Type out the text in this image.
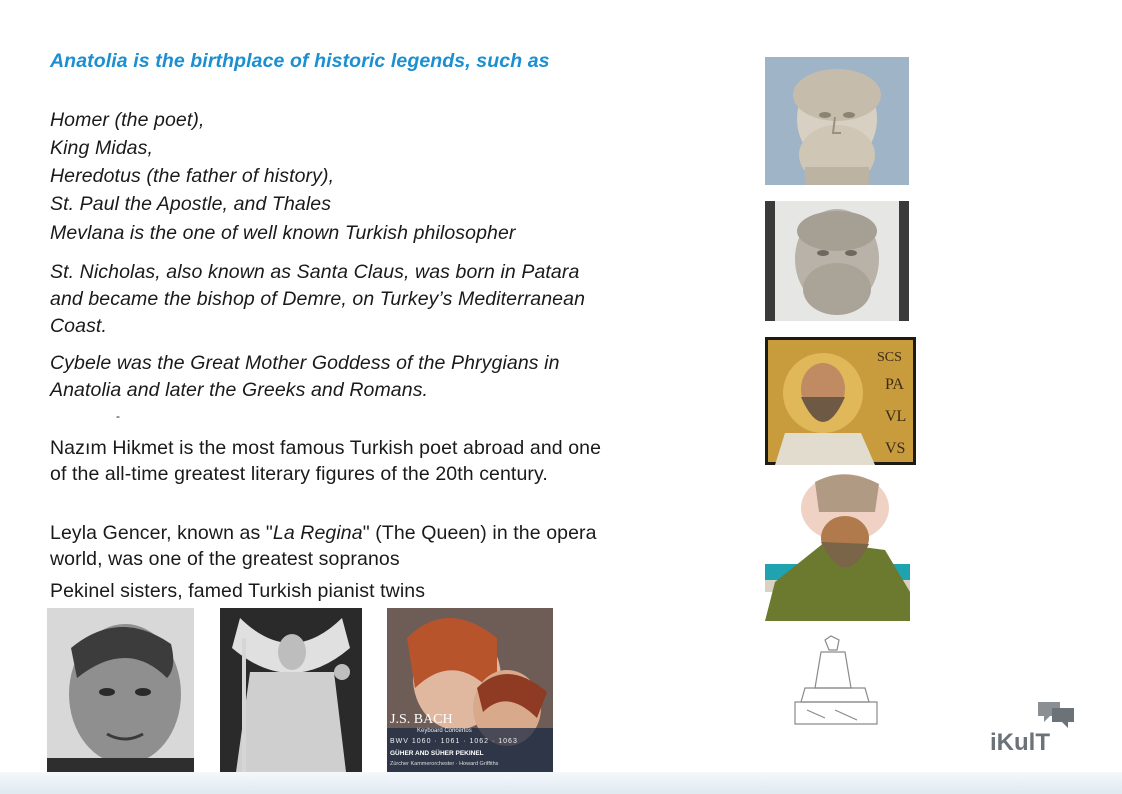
Anatolia is the birthplace of historic legends, such as
Homer (the poet),
King Midas,
Heredotus (the father of history),
St. Paul the Apostle, and Thales
Mevlana is the one of well known Turkish philosopher
St. Nicholas, also known as Santa Claus, was born in Patara
and became the bishop of Demre, on Turkey’s Mediterranean
Coast.
Cybele was the Great Mother Goddess of the Phrygians in
Anatolia and later the Greeks and Romans.
-
Nazım Hikmet is the most famous Turkish poet abroad and one
of the all-time greatest literary figures of the 20th century.
Leyla Gencer, known as "La Regina" (The Queen) in the opera
world, was one of the greatest sopranos
Pekinel sisters, famed Turkish pianist twins
SCS
PA
VL
VS
J.S. BACH
Keyboard Concertos
BWV 1060 · 1061 · 1062 · 1063
GÜHER AND SÜHER PEKINEL
Zürcher Kammerorchester · Howard Griffiths
iKulT
